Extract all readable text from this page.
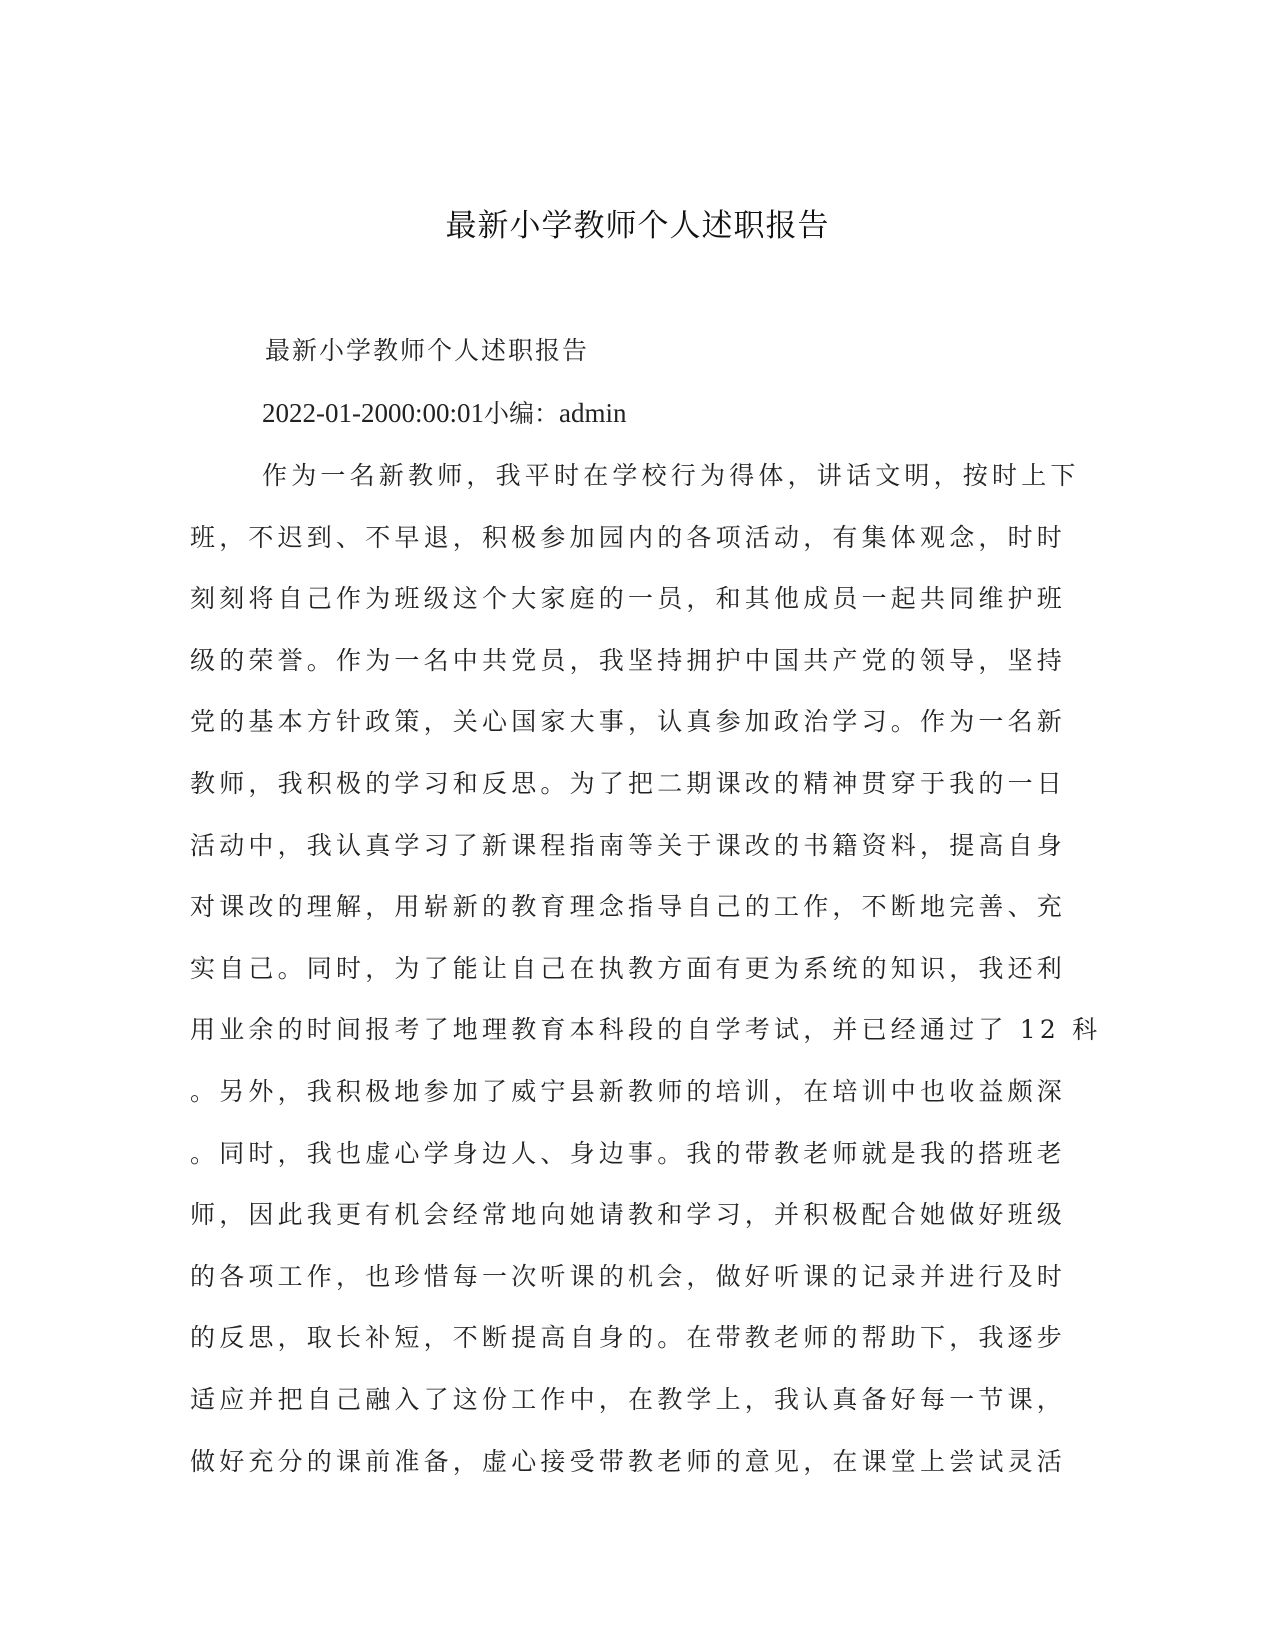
最新小学教师个人述职报告
最新小学教师个人述职报告
2022-01-2000:00:01小编：admin
作为一名新教师，我平时在学校行为得体，讲话文明，按时上下
班，不迟到、不早退，积极参加园内的各项活动，有集体观念，时时
刻刻将自己作为班级这个大家庭的一员，和其他成员一起共同维护班
级的荣誉。作为一名中共党员，我坚持拥护中国共产党的领导，坚持
党的基本方针政策，关心国家大事，认真参加政治学习。作为一名新
教师，我积极的学习和反思。为了把二期课改的精神贯穿于我的一日
活动中，我认真学习了新课程指南等关于课改的书籍资料，提高自身
对课改的理解，用崭新的教育理念指导自己的工作，不断地完善、充
实自己。同时，为了能让自己在执教方面有更为系统的知识，我还利
用业余的时间报考了地理教育本科段的自学考试，并已经通过了 12 科
。另外，我积极地参加了威宁县新教师的培训，在培训中也收益颇深
。同时，我也虚心学身边人、身边事。我的带教老师就是我的搭班老
师，因此我更有机会经常地向她请教和学习，并积极配合她做好班级
的各项工作，也珍惜每一次听课的机会，做好听课的记录并进行及时
的反思，取长补短，不断提高自身的。在带教老师的帮助下，我逐步
适应并把自己融入了这份工作中，在教学上，我认真备好每一节课，
做好充分的课前准备，虚心接受带教老师的意见，在课堂上尝试灵活
